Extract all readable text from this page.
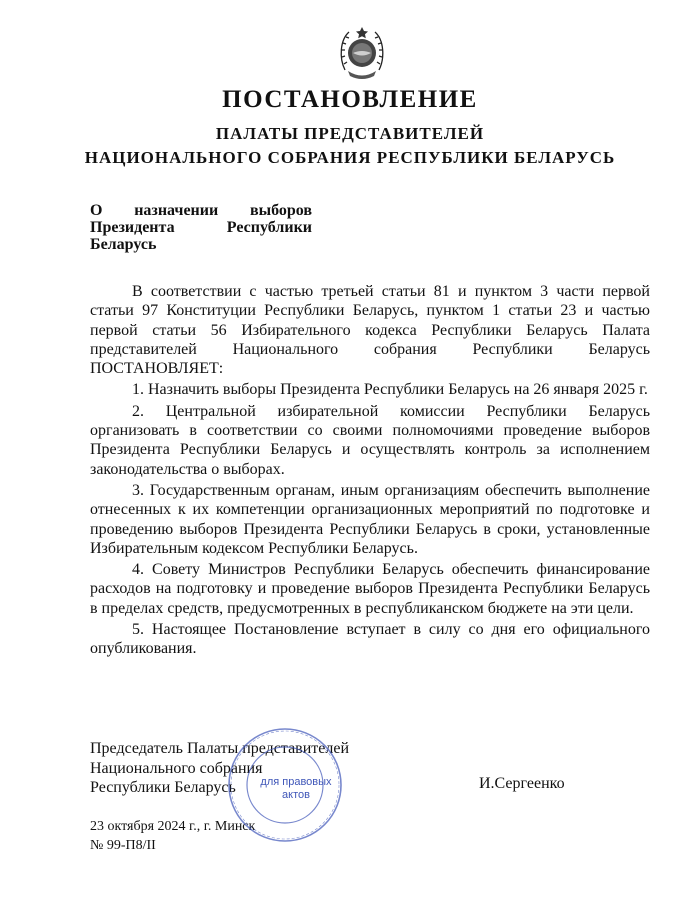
ПОСТАНОВЛЕНИЕ
ПАЛАТЫ ПРЕДСТАВИТЕЛЕЙ
НАЦИОНАЛЬНОГО СОБРАНИЯ РЕСПУБЛИКИ БЕЛАРУСЬ
О назначении выборов
Президента Республики
Беларусь

В соответствии с частью третьей статьи 81 и пунктом 3 части первой статьи 97 Конституции Республики Беларусь, пунктом 1 статьи 23 и частью первой статьи 56 Избирательного кодекса Республики Беларусь Палата представителей Национального собрания Республики Беларусь ПОСТАНОВЛЯЕТ:

1. Назначить выборы Президента Республики Беларусь на 26 января 2025 г.

2. Центральной избирательной комиссии Республики Беларусь организовать в соответствии со своими полномочиями проведение выборов Президента Республики Беларусь и осуществлять контроль за исполнением законодательства о выборах.

3. Государственным органам, иным организациям обеспечить выполнение отнесенных к их компетенции организационных мероприятий по подготовке и проведению выборов Президента Республики Беларусь в сроки, установленные Избирательным кодексом Республики Беларусь.

4. Совету Министров Республики Беларусь обеспечить финансирование расходов на подготовку и проведение выборов Президента Республики Беларусь в пределах средств, предусмотренных в республиканском бюджете на эти цели.

5. Настоящее Постановление вступает в силу со дня его официального опубликования.

Председатель Палаты представителей
Национального собрания
Республики Беларусь	И.Сергеенко
23 октября 2024 г., г. Минск
№ 99-П8/II
для правовых
актов
